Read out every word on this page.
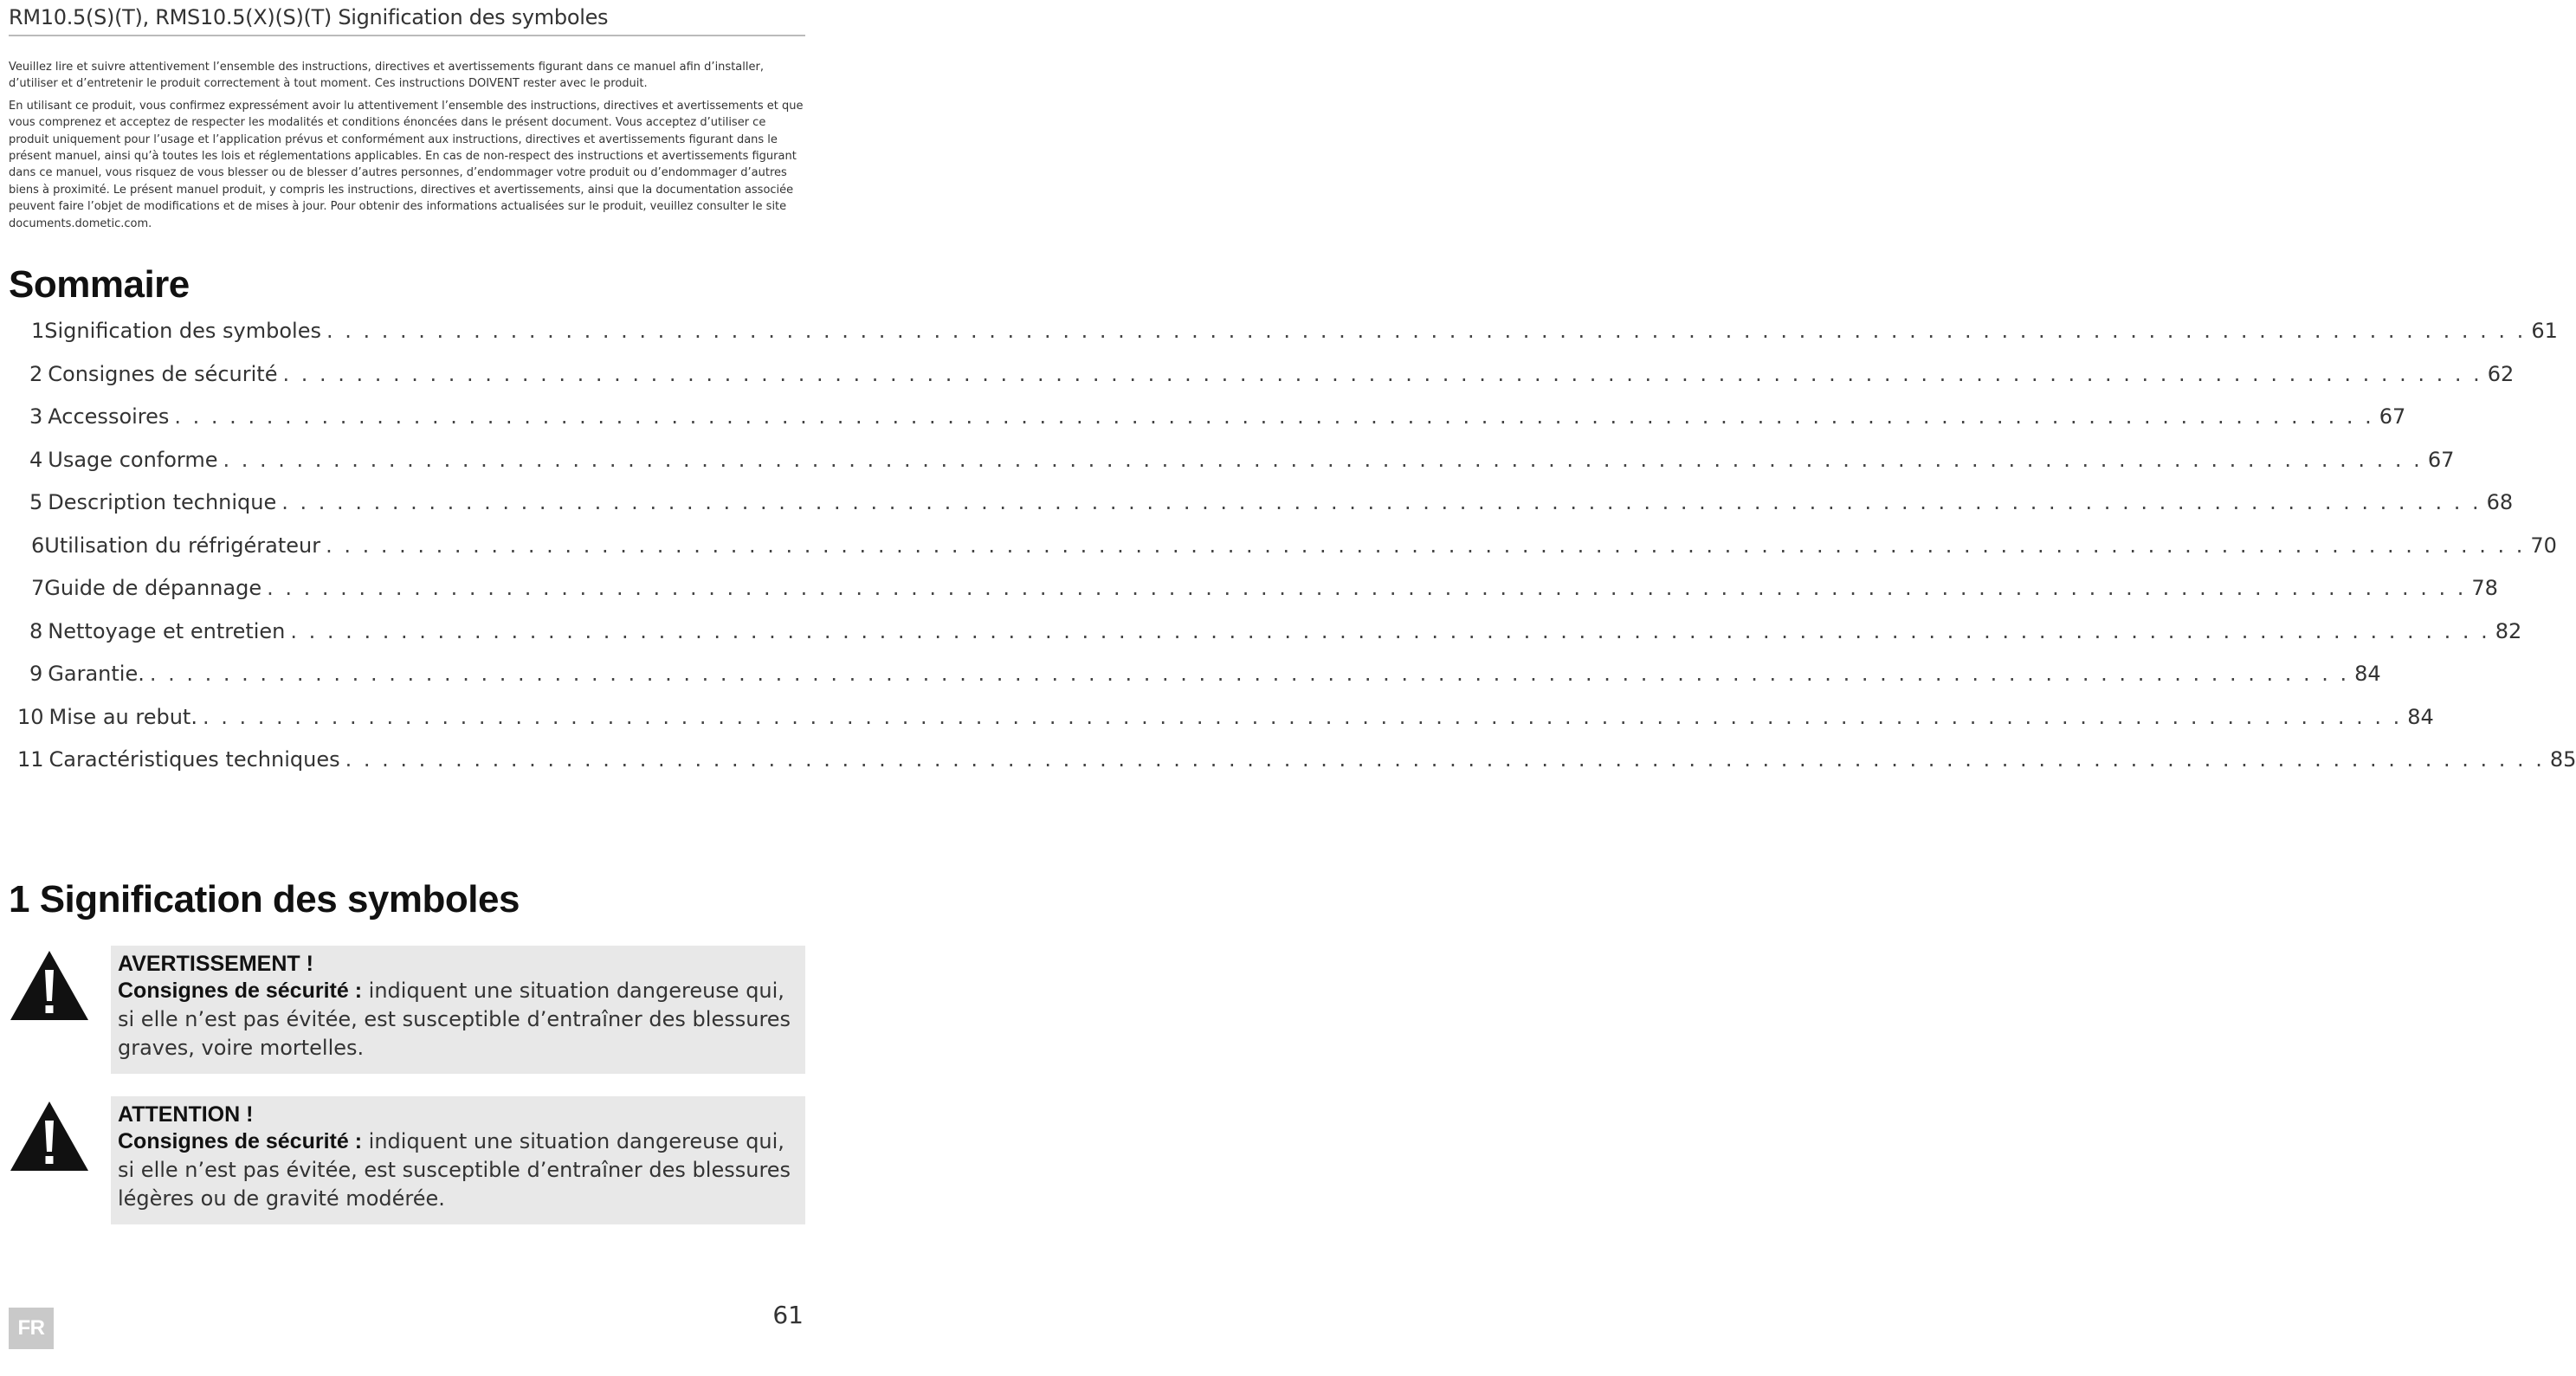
RM10.5(S)(T), RMS10.5(X)(S)(T) Signification des symboles

Veuillez lire et suivre attentivement l’ensemble des instructions, directives et avertissements figurant dans ce manuel afin d’installer, d’utiliser et d’entretenir le produit correctement à tout moment. Ces instructions DOIVENT rester avec le produit.

En utilisant ce produit, vous confirmez expressément avoir lu attentivement l’ensemble des instructions, directives et avertissements et que vous comprenez et acceptez de respecter les modalités et conditions énoncées dans le présent document. Vous acceptez d’utiliser ce produit uniquement pour l’usage et l’application prévus et conformément aux instructions, directives et avertissements figurant dans le présent manuel, ainsi qu’à toutes les lois et réglementations applicables. En cas de non-respect des instructions et avertissements figurant dans ce manuel, vous risquez de vous blesser ou de blesser d’autres personnes, d’endommager votre produit ou d’endommager d’autres biens à proximité. Le présent manuel produit, y compris les instructions, directives et avertissements, ainsi que la documentation associée peuvent faire l’objet de modifications et de mises à jour. Pour obtenir des informations actualisées sur le produit, veuillez consulter le site documents.dometic.com.

Sommaire
1 Signification des symboles . . . . . . . . . . . . . . . . . . . . . . . . . . . . . . . . . . . . . . . . . . . . . . . . . . . . . . . . . . . . . . . . . . . . . . . . . . . . . . . . . . . . . . . . . . . . . . . . . . . . . . . . . . . . . . . . . . . . . . . . 61
2 Consignes de sécurité . . . . . . . . . . . . . . . . . . . . . . . . . . . . . . . . . . . . . . . . . . . . . . . . . . . . . . . . . . . . . . . . . . . . . . . . . . . . . . . . . . . . . . . . . . . . . . . . . . . . . . . . . . . . . . . . . . . . . . . . 62
3 Accessoires . . . . . . . . . . . . . . . . . . . . . . . . . . . . . . . . . . . . . . . . . . . . . . . . . . . . . . . . . . . . . . . . . . . . . . . . . . . . . . . . . . . . . . . . . . . . . . . . . . . . . . . . . . . . . . . . . . . . . . . . 67
4 Usage conforme . . . . . . . . . . . . . . . . . . . . . . . . . . . . . . . . . . . . . . . . . . . . . . . . . . . . . . . . . . . . . . . . . . . . . . . . . . . . . . . . . . . . . . . . . . . . . . . . . . . . . . . . . . . . . . . . . . . . . . . . 67
5 Description technique . . . . . . . . . . . . . . . . . . . . . . . . . . . . . . . . . . . . . . . . . . . . . . . . . . . . . . . . . . . . . . . . . . . . . . . . . . . . . . . . . . . . . . . . . . . . . . . . . . . . . . . . . . . . . . . . . . . . . . . . 68
6 Utilisation du réfrigérateur . . . . . . . . . . . . . . . . . . . . . . . . . . . . . . . . . . . . . . . . . . . . . . . . . . . . . . . . . . . . . . . . . . . . . . . . . . . . . . . . . . . . . . . . . . . . . . . . . . . . . . . . . . . . . . . . . . . . . . . . 70
7 Guide de dépannage . . . . . . . . . . . . . . . . . . . . . . . . . . . . . . . . . . . . . . . . . . . . . . . . . . . . . . . . . . . . . . . . . . . . . . . . . . . . . . . . . . . . . . . . . . . . . . . . . . . . . . . . . . . . . . . . . . . . . . . . 78
8 Nettoyage et entretien . . . . . . . . . . . . . . . . . . . . . . . . . . . . . . . . . . . . . . . . . . . . . . . . . . . . . . . . . . . . . . . . . . . . . . . . . . . . . . . . . . . . . . . . . . . . . . . . . . . . . . . . . . . . . . . . . . . . . . . . 82
9 Garantie. . . . . . . . . . . . . . . . . . . . . . . . . . . . . . . . . . . . . . . . . . . . . . . . . . . . . . . . . . . . . . . . . . . . . . . . . . . . . . . . . . . . . . . . . . . . . . . . . . . . . . . . . . . . . . . . . . . . . . . . . 84
10 Mise au rebut. . . . . . . . . . . . . . . . . . . . . . . . . . . . . . . . . . . . . . . . . . . . . . . . . . . . . . . . . . . . . . . . . . . . . . . . . . . . . . . . . . . . . . . . . . . . . . . . . . . . . . . . . . . . . . . . . . . . . . . . . 84
11 Caractéristiques techniques . . . . . . . . . . . . . . . . . . . . . . . . . . . . . . . . . . . . . . . . . . . . . . . . . . . . . . . . . . . . . . . . . . . . . . . . . . . . . . . . . . . . . . . . . . . . . . . . . . . . . . . . . . . . . . . . . . . . . . . . 85
1 Signification des symboles
AVERTISSEMENT !
Consignes de sécurité : indiquent une situation dangereuse qui, si elle n’est pas évitée, est susceptible d’entraîner des blessures graves, voire mortelles.
ATTENTION !
Consignes de sécurité : indiquent une situation dangereuse qui, si elle n’est pas évitée, est susceptible d’entraîner des blessures légères ou de gravité modérée.
FR	61
